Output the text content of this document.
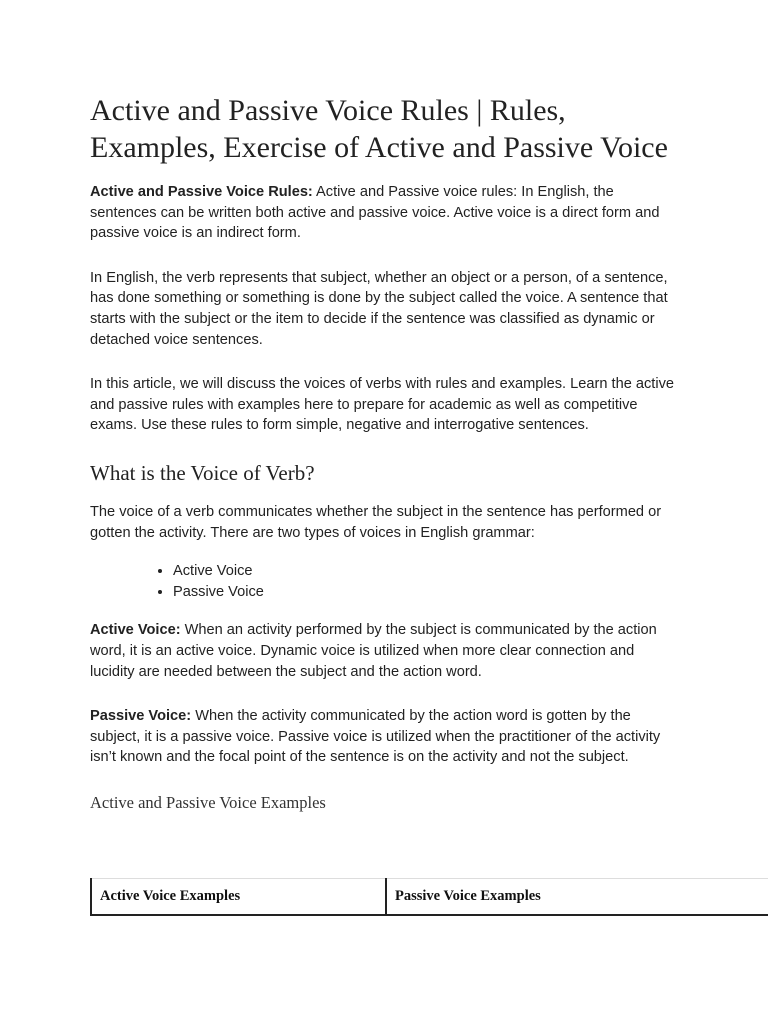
Active and Passive Voice Rules | Rules, Examples, Exercise of Active and Passive Voice

Active and Passive Voice Rules: Active and Passive voice rules: In English, the sentences can be written both active and passive voice. Active voice is a direct form and passive voice is an indirect form.

In English, the verb represents that subject, whether an object or a person, of a sentence, has done something or something is done by the subject called the voice. A sentence that starts with the subject or the item to decide if the sentence was classified as dynamic or detached voice sentences.

In this article, we will discuss the voices of verbs with rules and examples. Learn the active and passive rules with examples here to prepare for academic as well as competitive exams. Use these rules to form simple, negative and interrogative sentences.

What is the Voice of Verb?

The voice of a verb communicates whether the subject in the sentence has performed or gotten the activity. There are two types of voices in English grammar:

• Active Voice
• Passive Voice

Active Voice: When an activity performed by the subject is communicated by the action word, it is an active voice. Dynamic voice is utilized when more clear connection and lucidity are needed between the subject and the action word.

Passive Voice: When the activity communicated by the action word is gotten by the subject, it is a passive voice. Passive voice is utilized when the practitioner of the activity isn’t known and the focal point of the sentence is on the activity and not the subject.

Active and Passive Voice Examples
Active Voice Examples	Passive Voice Examples
